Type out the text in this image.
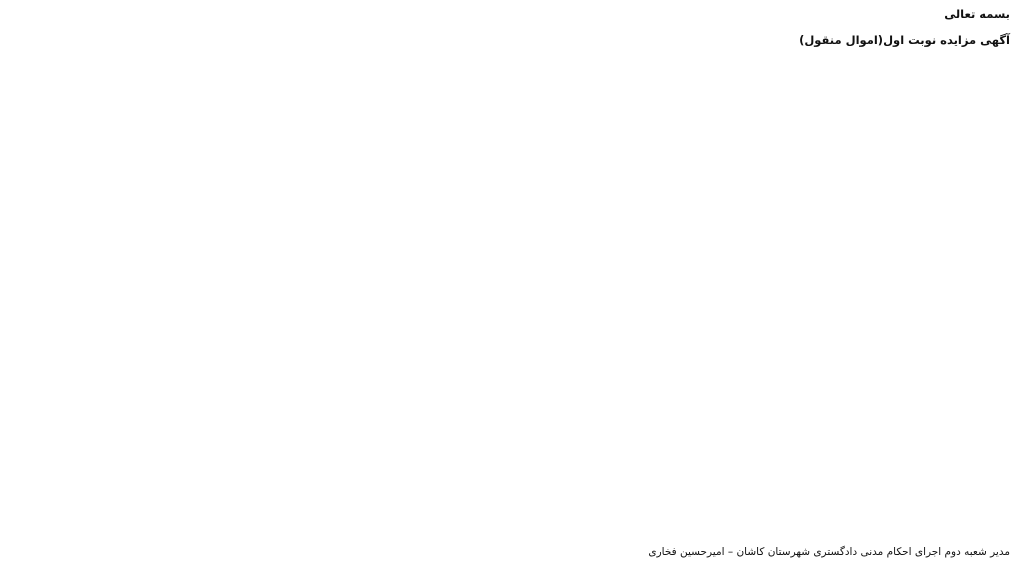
بسمه تعالی
آگهی مزایده نوبت اول(اموال منقول)
مدیر شعبه دوم اجرای احکام مدنی دادگستری شهرستان کاشان – امیرحسین فخاری
